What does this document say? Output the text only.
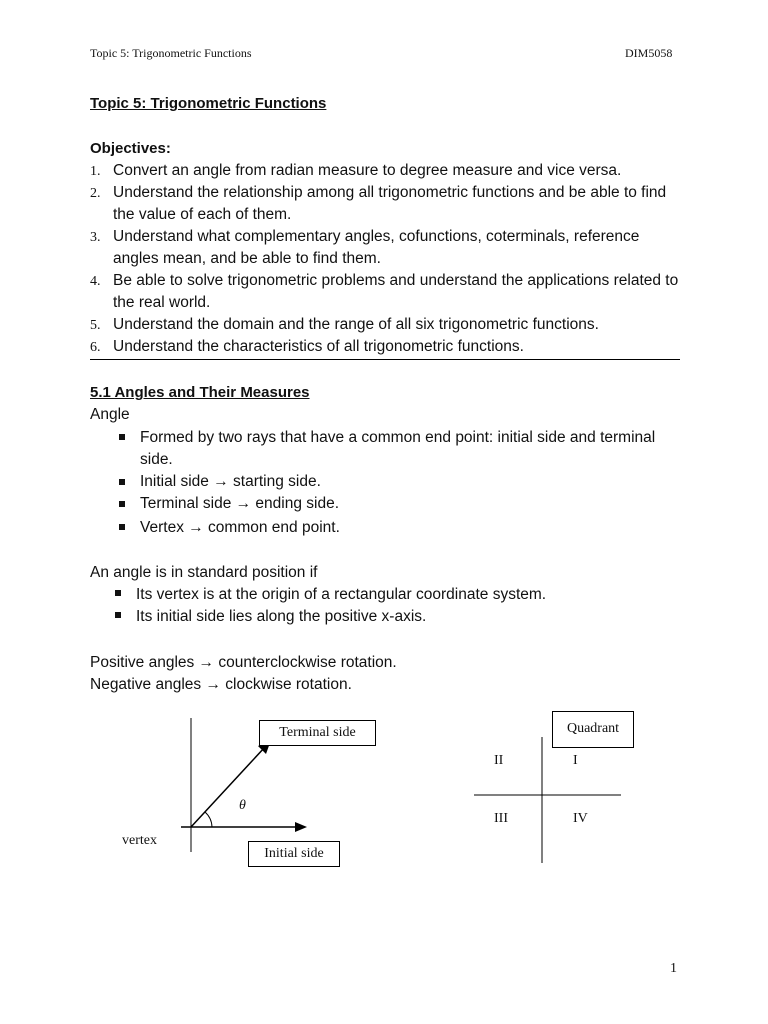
Topic 5: Trigonometric Functions	DIM5058
Topic 5: Trigonometric Functions
Objectives:
1. Convert an angle from radian measure to degree measure and vice versa.
2. Understand the relationship among all trigonometric functions and be able to find the value of each of them.
3. Understand what complementary angles, cofunctions, coterminals, reference angles mean, and be able to find them.
4. Be able to solve trigonometric problems and understand the applications related to the real world.
5. Understand the domain and the range of all six trigonometric functions.
6. Understand the characteristics of all trigonometric functions.
5.1 Angles and Their Measures
Angle
Formed by two rays that have a common end point: initial side and terminal side.
Initial side → starting side.
Terminal side → ending side.
Vertex → common end point.
An angle is in standard position if
Its vertex is at the origin of a rectangular coordinate system.
Its initial side lies along the positive x-axis.
Positive angles → counterclockwise rotation.
Negative angles → clockwise rotation.
Terminal side
Initial side
vertex
θ
Quadrant
II	I
III	IV
1
